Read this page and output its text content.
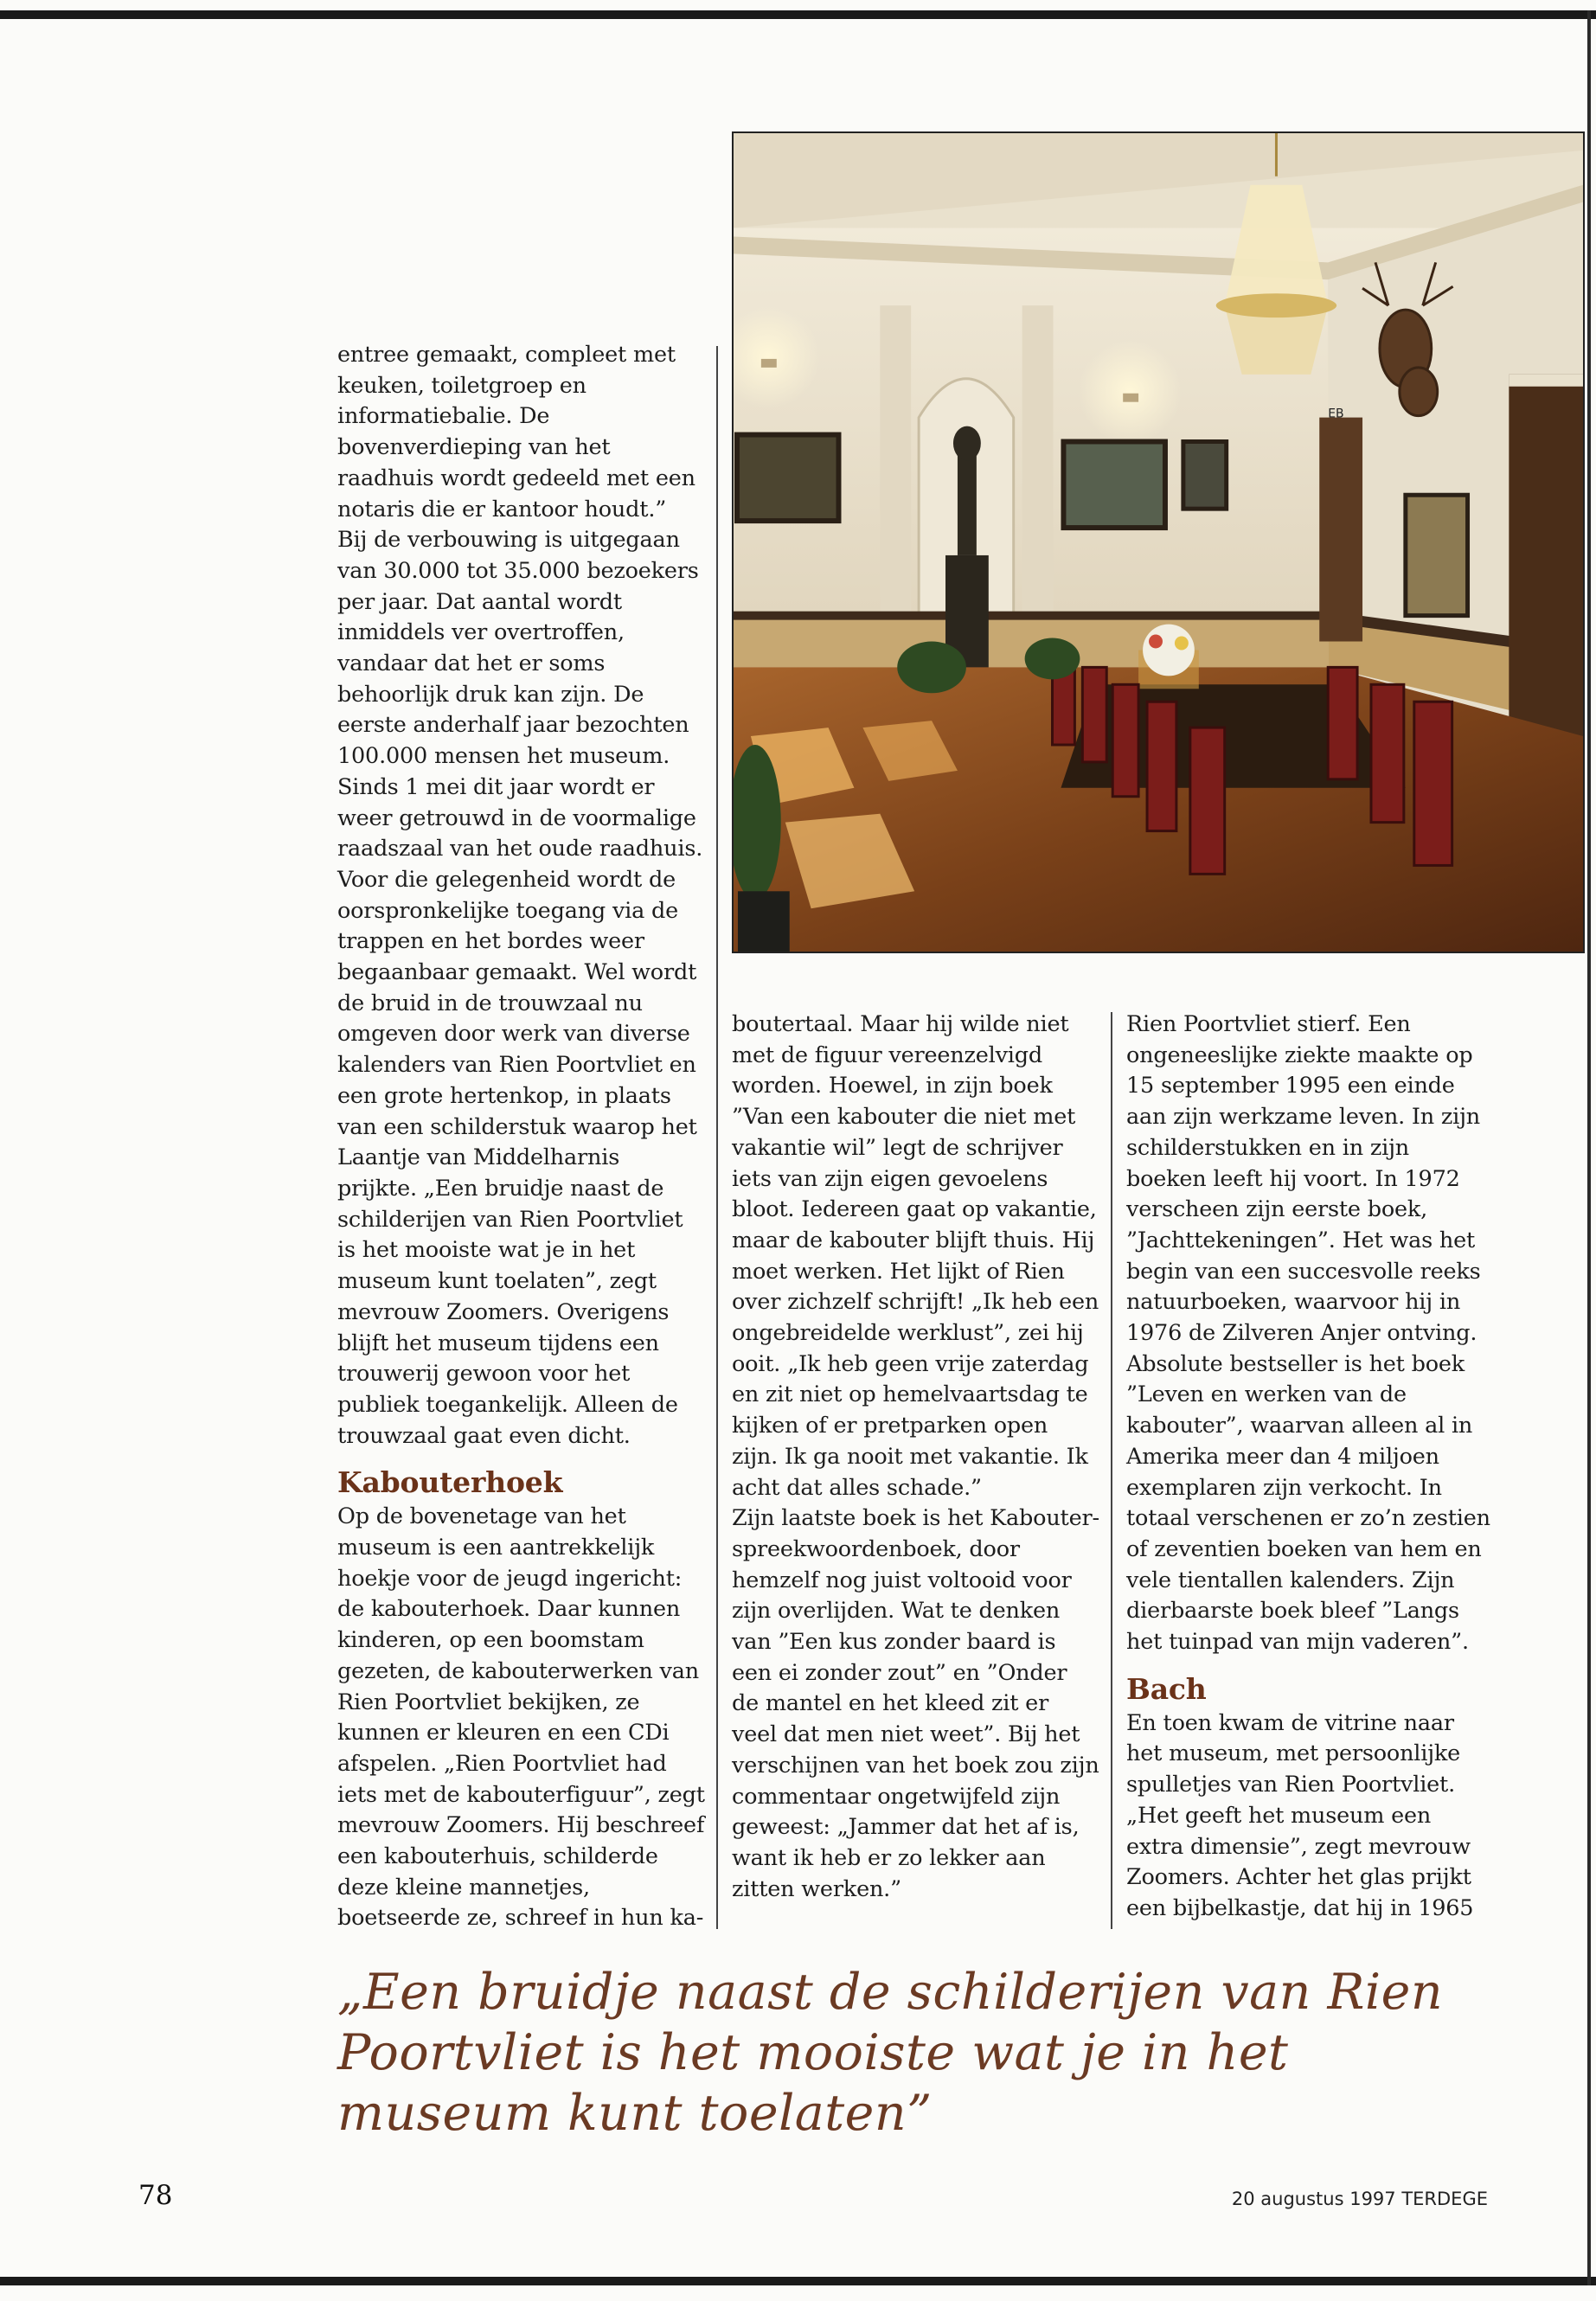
EB

entree gemaakt, compleet met keuken, toiletgroep en informatiebalie. De bovenverdieping van het raadhuis wordt gedeeld met een notaris die er kantoor houdt.”

Bij de verbouwing is uitgegaan van 30.000 tot 35.000 bezoekers per jaar. Dat aantal wordt inmiddels ver overtroffen, vandaar dat het er soms behoorlijk druk kan zijn. De eerste anderhalf jaar bezochten 100.000 mensen het museum. Sinds 1 mei dit jaar wordt er weer getrouwd in de voormalige raadszaal van het oude raadhuis. Voor die gelegenheid wordt de oorspronkelijke toegang via de trappen en het bordes weer begaanbaar gemaakt. Wel wordt de bruid in de trouwzaal nu omgeven door werk van diverse kalenders van Rien Poortvliet en een grote hertenkop, in plaats van een schilderstuk waarop het Laantje van Middelharnis prijkte. „Een bruidje naast de schilderijen van Rien Poortvliet is het mooiste wat je in het museum kunt toelaten”, zegt mevrouw Zoomers. Overigens blijft het museum tijdens een trouwerij gewoon voor het publiek toegankelijk. Alleen de trouwzaal gaat even dicht.

Kabouterhoek

Op de bovenetage van het museum is een aantrekkelijk hoekje voor de jeugd ingericht: de kabouterhoek. Daar kunnen kinderen, op een boomstam gezeten, de kabouterwerken van Rien Poortvliet bekijken, ze kunnen er kleuren en een CDi afspelen. „Rien Poortvliet had iets met de kabouterfiguur”, zegt mevrouw Zoomers. Hij beschreef een kabouterhuis, schilderde deze kleine mannetjes, boetseerde ze, schreef in hun ka-

boutertaal. Maar hij wilde niet met de figuur vereenzelvigd worden. Hoewel, in zijn boek ”Van een kabouter die niet met vakantie wil” legt de schrijver iets van zijn eigen gevoelens bloot. Iedereen gaat op vakantie, maar de kabouter blijft thuis. Hij moet werken. Het lijkt of Rien over zichzelf schrijft! „Ik heb een ongebreidelde werklust”, zei hij ooit. „Ik heb geen vrije zaterdag en zit niet op hemelvaartsdag te kijken of er pretparken open zijn. Ik ga nooit met vakantie. Ik acht dat alles schade.”

Zijn laatste boek is het Kabouter-spreekwoordenboek, door hemzelf nog juist voltooid voor zijn overlijden. Wat te denken van ”Een kus zonder baard is een ei zonder zout” en ”Onder de mantel en het kleed zit er veel dat men niet weet”. Bij het verschijnen van het boek zou zijn commentaar ongetwijfeld zijn geweest: „Jammer dat het af is, want ik heb er zo lekker aan zitten werken.”

Rien Poortvliet stierf. Een ongeneeslijke ziekte maakte op 15 september 1995 een einde aan zijn werkzame leven. In zijn schilderstukken en in zijn boeken leeft hij voort. In 1972 verscheen zijn eerste boek, ”Jachttekeningen”. Het was het begin van een succesvolle reeks natuurboeken, waarvoor hij in 1976 de Zilveren Anjer ontving. Absolute bestseller is het boek ”Leven en werken van de kabouter”, waarvan alleen al in Amerika meer dan 4 miljoen exemplaren zijn verkocht. In totaal verschenen er zo’n zestien of zeventien boeken van hem en vele tientallen kalenders. Zijn dierbaarste boek bleef ”Langs het tuinpad van mijn vaderen”.

Bach

En toen kwam de vitrine naar het museum, met persoonlijke spulletjes van Rien Poortvliet. „Het geeft het museum een extra dimensie”, zegt mevrouw Zoomers. Achter het glas prijkt een bijbelkastje, dat hij in 1965

„Een bruidje naast de schilderijen van Rien Poortvliet is het mooiste wat je in het museum kunt toelaten”
78	20 augustus 1997 TERDEGE
